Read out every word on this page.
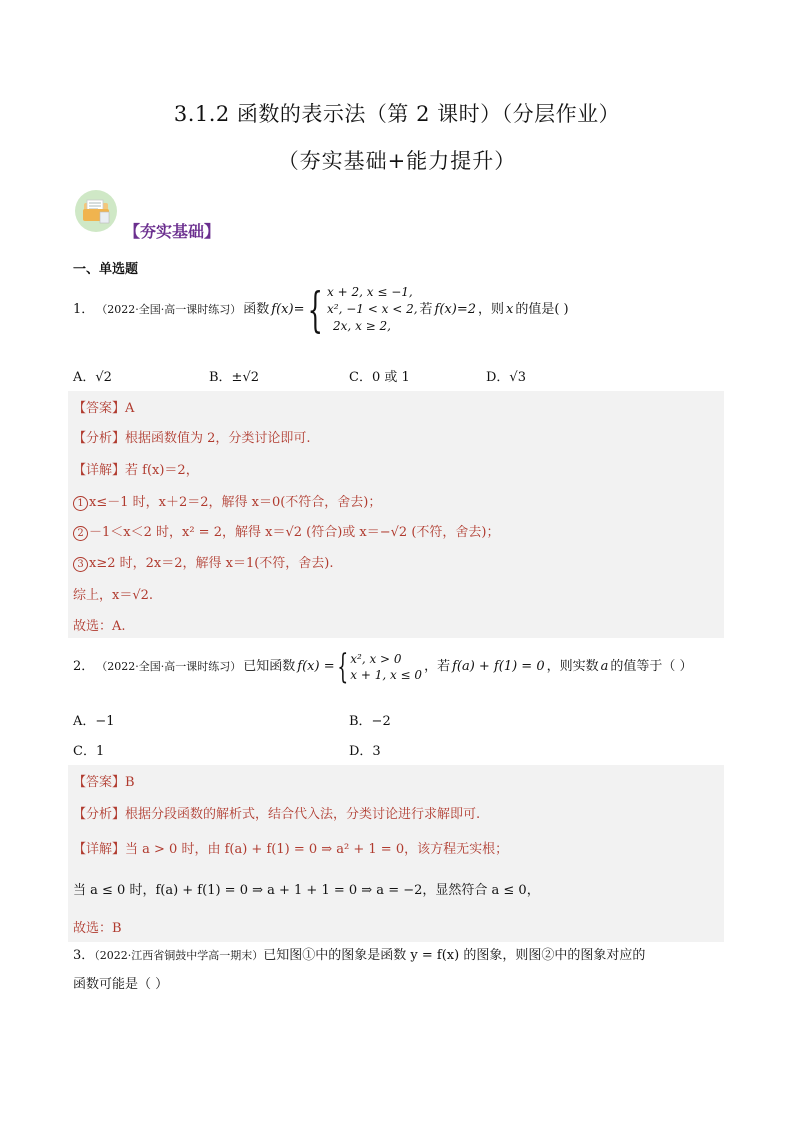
3.1.2 函数的表示法（第 2 课时）（分层作业）
（夯实基础+能力提升）
【夯实基础】
一、单选题
1． （2022·全国·高一课时练习） 函数 f(x)= { x + 2, x ≤ −1,
x², −1 < x < 2,
2x, x ≥ 2,
若 f(x)=2 ，则 x 的值是( )
A．√2	B．±√2	C．0 或 1	D．√3
【答案】A
【分析】根据函数值为 2，分类讨论即可.
【详解】若 f(x)＝2，
1 x≤－1 时，x＋2＝2，解得 x＝0(不符合，舍去)；
2 －1＜x＜2 时，x² = 2，解得 x＝√2 (符合)或 x＝−√2 (不符，舍去)；
3 x≥2 时，2x＝2，解得 x＝1(不符，舍去).
综上，x＝√2.
故选：A.
2． （2022·全国·高一课时练习） 已知函数 f(x) = { x², x > 0
x + 1, x ≤ 0
，若 f(a) + f(1) = 0 ，则实数 a 的值等于（ ）
A．−1	B．−2
C．1	D．3
【答案】B
【分析】根据分段函数的解析式，结合代入法，分类讨论进行求解即可.
【详解】当 a > 0 时，由 f(a) + f(1) = 0 ⇒ a² + 1 = 0，该方程无实根；
当 a ≤ 0 时，f(a) + f(1) = 0 ⇒ a + 1 + 1 = 0 ⇒ a = −2，显然符合 a ≤ 0，
故选：B
3．（2022·江西省铜鼓中学高一期末）已知图①中的图象是函数 y = f(x) 的图象，则图②中的图象对应的
函数可能是（ ）
